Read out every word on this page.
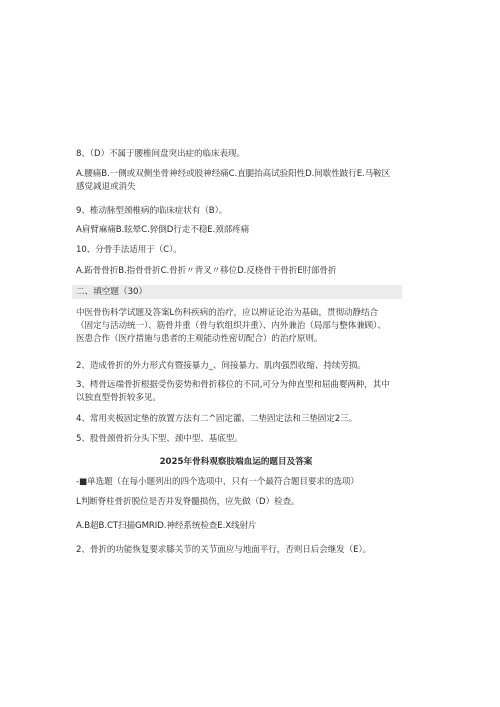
8、（D）不属于腰椎间盘突出症的临床表现。
A.腰痛B.一侧或双侧坐骨神经或股神经痛C.直腿抬高试验阳性D.间歇性跛行E.马鞍区感觉减退或消失
9、椎动脉型颈椎病的临床症状有（B）。
A肩臂麻痛B.眩晕C.猝倒D行走不稳E.颈部疼痛
10、分骨手法适用于（C）。
A.跖骨骨折B.指骨骨折C.骨折〃背叉〃移位D.反桡骨干骨折E肘部骨折
二、填空题（30）
中医骨伤科学试题及答案L伤科疾病的治疗，应以辨证论治为基础，贯彻动静结合（固定与活动统一）、筋骨并重（骨与软组织并重）、内外兼治（局部与整体兼顾）、医患合作（医疗措施与患者的主观能动性密切配合）的治疗原则。
2、造成骨折的外力形式有暨接暴力_、间接暴力、肌肉强烈收缩、持续劳损。
3、樗骨远端骨折根据受伤姿势和骨折移位的不同,可分为伸直型和屈曲婴两种，其中以独直型骨折较多见。
4、常用夹板固定垫的放置方法有二^固定灌、二垫固定法和三垫固定2三。
5、股骨颈骨折分头下型、颈中型、基底型。
2025年骨科观察肢端血运的题目及答案
-■单选题（在每小题列出的四个选项中，只有一个最符合题目要求的选项）
L判断脊柱骨折脱位是否并发脊髓损伤，应先做（D）检查。
A.B超B.CT扫描GMRID.神经系统检查E.X线射片
2、骨折的功能恢复要求膝关节的关节面应与地面平行，否则日后会继发（E）。
